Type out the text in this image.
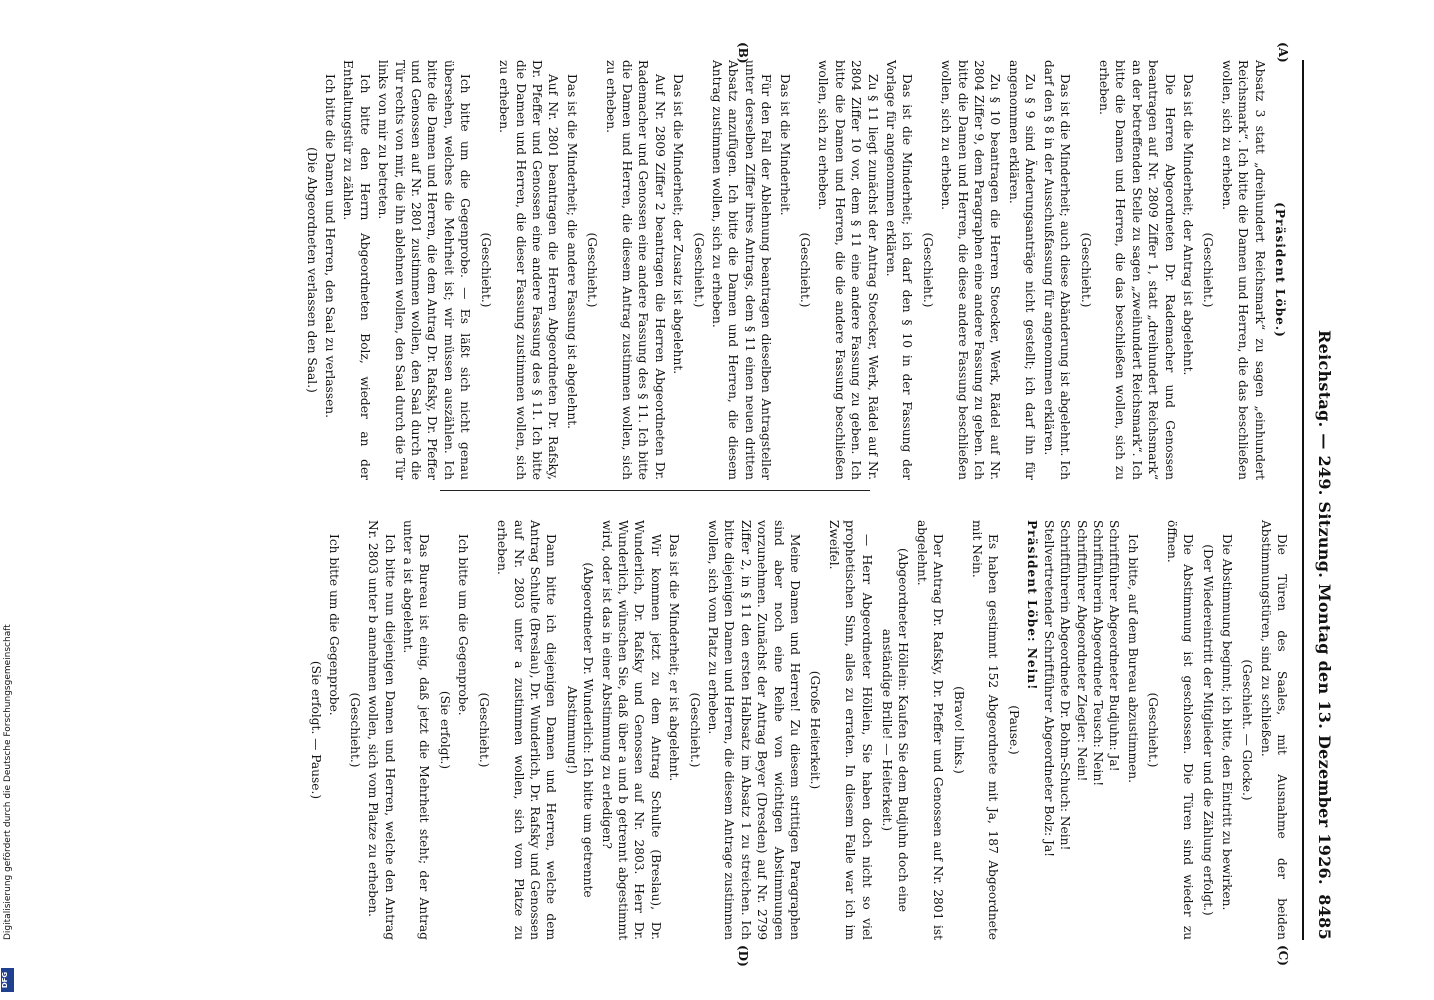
Reichstag. — 249. Sitzung. Montag den 13. Dezember 1926.
8485
(A)
(B)
(C)
(D)

(Präsident Löbe.)

Absatz 3 statt „dreihundert Reichsmark“ zu sagen „einhundert Reichsmark“. Ich bitte die Damen und Herren, die das beschließen wollen, sich zu erheben.

(Geschieht.)

Das ist die Minderheit; der Antrag ist abgelehnt.

Die Herren Abgeordneten Dr. Rademacher und Genossen beantragen auf Nr. 2809 Ziffer 1, statt „dreihundert Reichsmark“ an der betreffenden Stelle zu sagen „zweihundert Reichsmark“. Ich bitte die Damen und Herren, die das beschließen wollen, sich zu erheben.

(Geschieht.)

Das ist die Minderheit; auch diese Abänderung ist abgelehnt. Ich darf den § 8 in der Ausschußfassung für angenommen erklären.

Zu § 9 sind Änderungsanträge nicht gestellt; ich darf ihn für angenommen erklären.

Zu § 10 beantragen die Herren Stoecker, Werk, Rädel auf Nr. 2804 Ziffer 9, dem Paragraphen eine andere Fassung zu geben. Ich bitte die Damen und Herren, die diese andere Fassung beschließen wollen, sich zu erheben.

(Geschieht.)

Das ist die Minderheit; ich darf den § 10 in der Fassung der Vorlage für angenommen erklären.

Zu § 11 liegt zunächst der Antrag Stoecker, Werk, Rädel auf Nr. 2804 Ziffer 10 vor, dem § 11 eine andere Fassung zu geben. Ich bitte die Damen und Herren, die die andere Fassung beschließen wollen, sich zu erheben.

(Geschieht.)

Das ist die Minderheit.

Für den Fall der Ablehnung beantragen dieselben Antragsteller unter derselben Ziffer ihres Antrags, dem § 11 einen neuen dritten Absatz anzufügen. Ich bitte die Damen und Herren, die diesem Antrag zustimmen wollen, sich zu erheben.

(Geschieht.)

Das ist die Minderheit; der Zusatz ist abgelehnt.

Auf Nr. 2809 Ziffer 2 beantragen die Herren Abgeordneten Dr. Rademacher und Genossen eine andere Fassung des § 11. Ich bitte die Damen und Herren, die diesem Antrag zustimmen wollen, sich zu erheben.

(Geschieht.)

Das ist die Minderheit; die andere Fassung ist abgelehnt.

Auf Nr. 2801 beantragen die Herren Abgeordneten Dr. Rafsky, Dr. Pfeffer und Genossen eine andere Fassung des § 11. Ich bitte die Damen und Herren, die dieser Fassung zustimmen wollen, sich zu erheben.

(Geschieht.)

Ich bitte um die Gegenprobe. — Es läßt sich nicht genau übersehen, welches die Mehrheit ist; wir müssen auszählen. Ich bitte die Damen und Herren, die dem Antrag Dr. Rafsky, Dr. Pfeffer und Genossen auf Nr. 2801 zustimmen wollen, den Saal durch die Tür rechts von mir, die ihn ablehnen wollen, den Saal durch die Tür links von mir zu betreten.

Ich bitte den Herrn Abgeordneten Bolz, wieder an der Enthaltungstür zu zählen.

Ich bitte die Damen und Herren, den Saal zu verlassen.

(Die Abgeordneten verlassen den Saal.)

Die Türen des Saales, mit Ausnahme der beiden Abstimmungstüren, sind zu schließen.

(Geschieht. — Glocke.)

Die Abstimmung beginnt; ich bitte, den Eintritt zu bewirken.

(Der Wiedereintritt der Mitglieder und die Zählung erfolgt.)

Die Abstimmung ist geschlossen. Die Türen sind wieder zu öffnen.

(Geschieht.)

Ich bitte, auf dem Bureau abzustimmen.

Schriftführer Abgeordneter Budjuhn: Ja!
Schriftführerin Abgeordnete Teusch: Nein!
Schriftführer Abgeordneter Ziegler: Nein!
Schriftführerin Abgeordnete Dr. Bohm-Schuch: Nein!
Stellvertretender Schriftführer Abgeordneter Bolz: Ja!

Präsident Löbe: Nein!

(Pause.)

Es haben gestimmt 152 Abgeordnete mit Ja, 187 Abgeordnete mit Nein.

(Bravo! links.)

Der Antrag Dr. Rafsky, Dr. Pfeffer und Genossen auf Nr. 2801 ist abgelehnt.

(Abgeordneter Höllein: Kaufen Sie dem Budjuhn doch eine anständige Brille! — Heiterkeit.)

— Herr Abgeordneter Höllein, Sie haben doch nicht so viel prophetischen Sinn, alles zu erraten. In diesem Falle war ich im Zweifel.

(Große Heiterkeit.)

Meine Damen und Herren! Zu diesem strittigen Paragraphen sind aber noch eine Reihe von wichtigen Abstimmungen vorzunehmen. Zunächst der Antrag Beyer (Dresden) auf Nr. 2799 Ziffer 2, in § 11 den ersten Halbsatz im Absatz 1 zu streichen. Ich bitte diejenigen Damen und Herren, die diesem Antrage zustimmen wollen, sich vom Platz zu erheben.

(Geschieht.)

Das ist die Minderheit; er ist abgelehnt.

Wir kommen jetzt zu dem Antrag Schulte (Breslau), Dr. Wunderlich, Dr. Rafsky und Genossen auf Nr. 2803. Herr Dr. Wunderlich, wünschen Sie, daß über a und b getrennt abgestimmt wird, oder ist das in einer Abstimmung zu erledigen?

(Abgeordneter Dr. Wunderlich: Ich bitte um getrennte Abstimmung!)

Dann bitte ich diejenigen Damen und Herren, welche dem Antrag Schulte (Breslau), Dr. Wunderlich, Dr. Rafsky und Genossen auf Nr. 2803 unter a zustimmen wollen, sich vom Platze zu erheben.

(Geschieht.)

Ich bitte um die Gegenprobe.

(Sie erfolgt.)

Das Bureau ist einig, daß jetzt die Mehrheit steht; der Antrag unter a ist abgelehnt.

Ich bitte nun diejenigen Damen und Herren, welche den Antrag Nr. 2803 unter b annehmen wollen, sich vom Platze zu erheben.

(Geschieht.)

Ich bitte um die Gegenprobe.

(Sie erfolgt. — Pause.)

Digitalisierung gefördert durch die Deutsche Forschungsgemeinschaft
DFG
